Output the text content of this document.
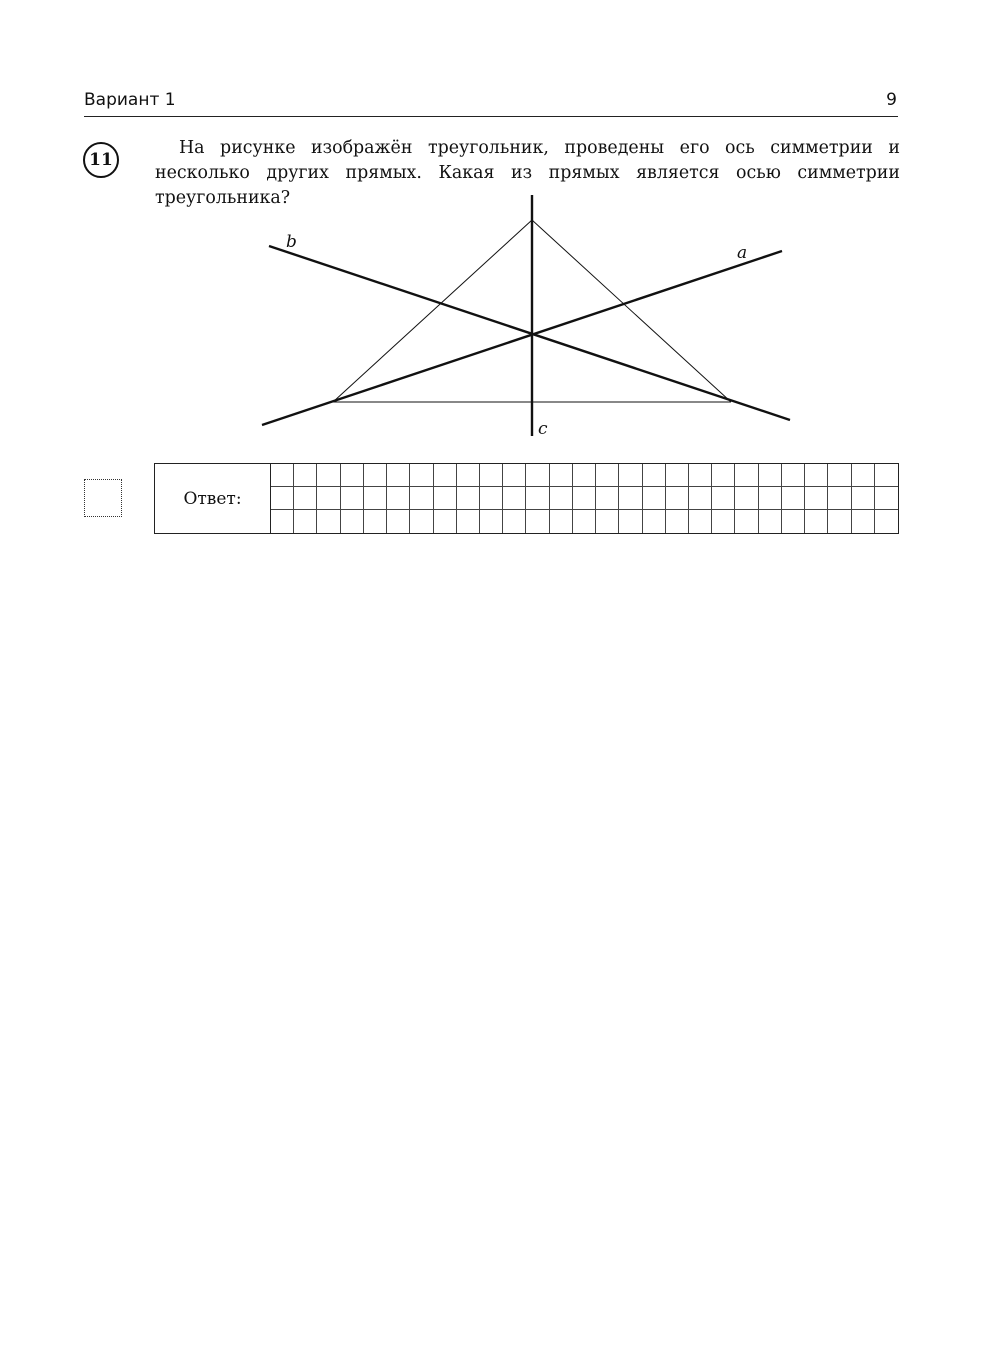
Вариант 1	9
11
На рисунке изображён треугольник, проведены его ось симметрии и несколько других прямых. Какая из прямых является осью симметрии треугольника?
b
a
c
Ответ:
